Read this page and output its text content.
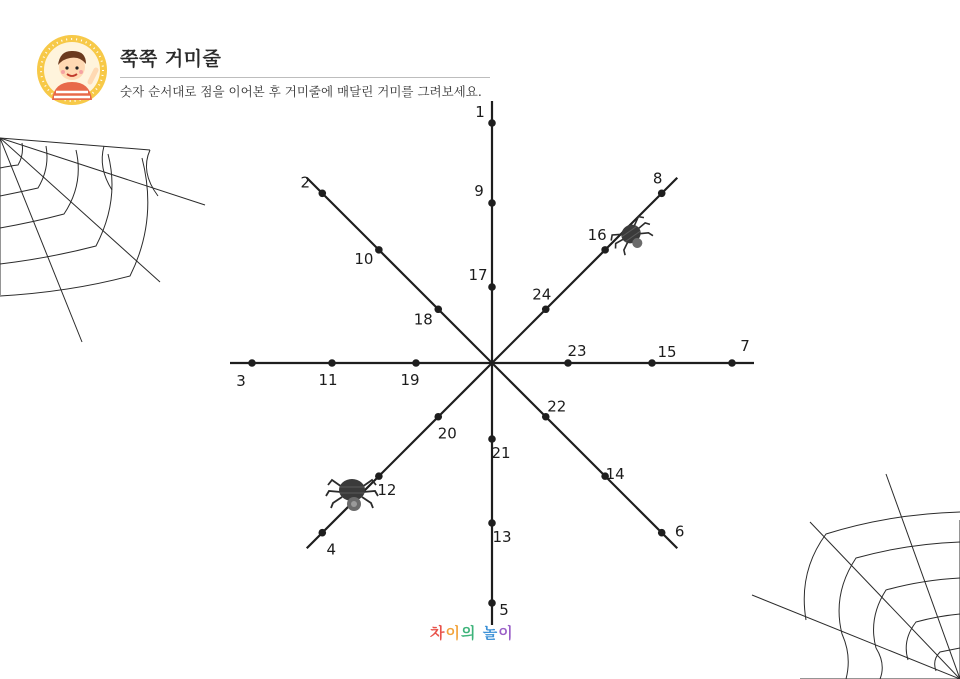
쭉쭉 거미줄
숫자 순서대로 점을 이어본 후 거미줄에 매달린 거미를 그려보세요.
1
2
3
4
5
6
7
8
9
10
11
12
13
14
15
16
17
18
19
20
21
22
23
24
차이의 놀이
